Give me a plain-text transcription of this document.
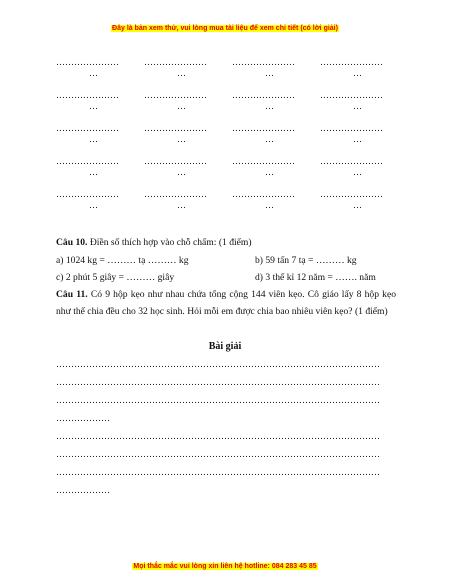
Đây là bản xem thử, vui lòng mua tài liệu để xem chi tiết (có lời giải)
…………………
…
…………………
…
…………………
…
…………………
…
…………………
…
…………………
…
…………………
…
…………………
…
…………………
…
…………………
…
…………………
…
…………………
…
…………………
…
…………………
…
…………………
…
…………………
…
…………………
…
…………………
…
…………………
…
…………………
…
Câu 10. Điền số thích hợp vào chỗ chấm: (1 điểm)
a) 1024 kg = ……… tạ ……… kg	b) 59 tấn 7 tạ = ……… kg
c) 2 phút 5 giây = ……… giây	d) 3 thế kỉ 12 năm = ……. năm
Câu 11. Có 9 hộp kẹo như nhau chứa tổng cộng 144 viên kẹo. Cô giáo lấy 8 hộp kẹo như thế chia đều cho 32 học sinh. Hỏi mỗi em được chia bao nhiêu viên kẹo? (1 điểm)
Bài giải
………………………………………………………………………………………………
………………………………………………………………………………………………
………………………………………………………………………………………………
………………
………………………………………………………………………………………………
………………………………………………………………………………………………
………………………………………………………………………………………………
………………
Mọi thắc mắc vui lòng xin liên hệ hotline: 084 283 45 85
